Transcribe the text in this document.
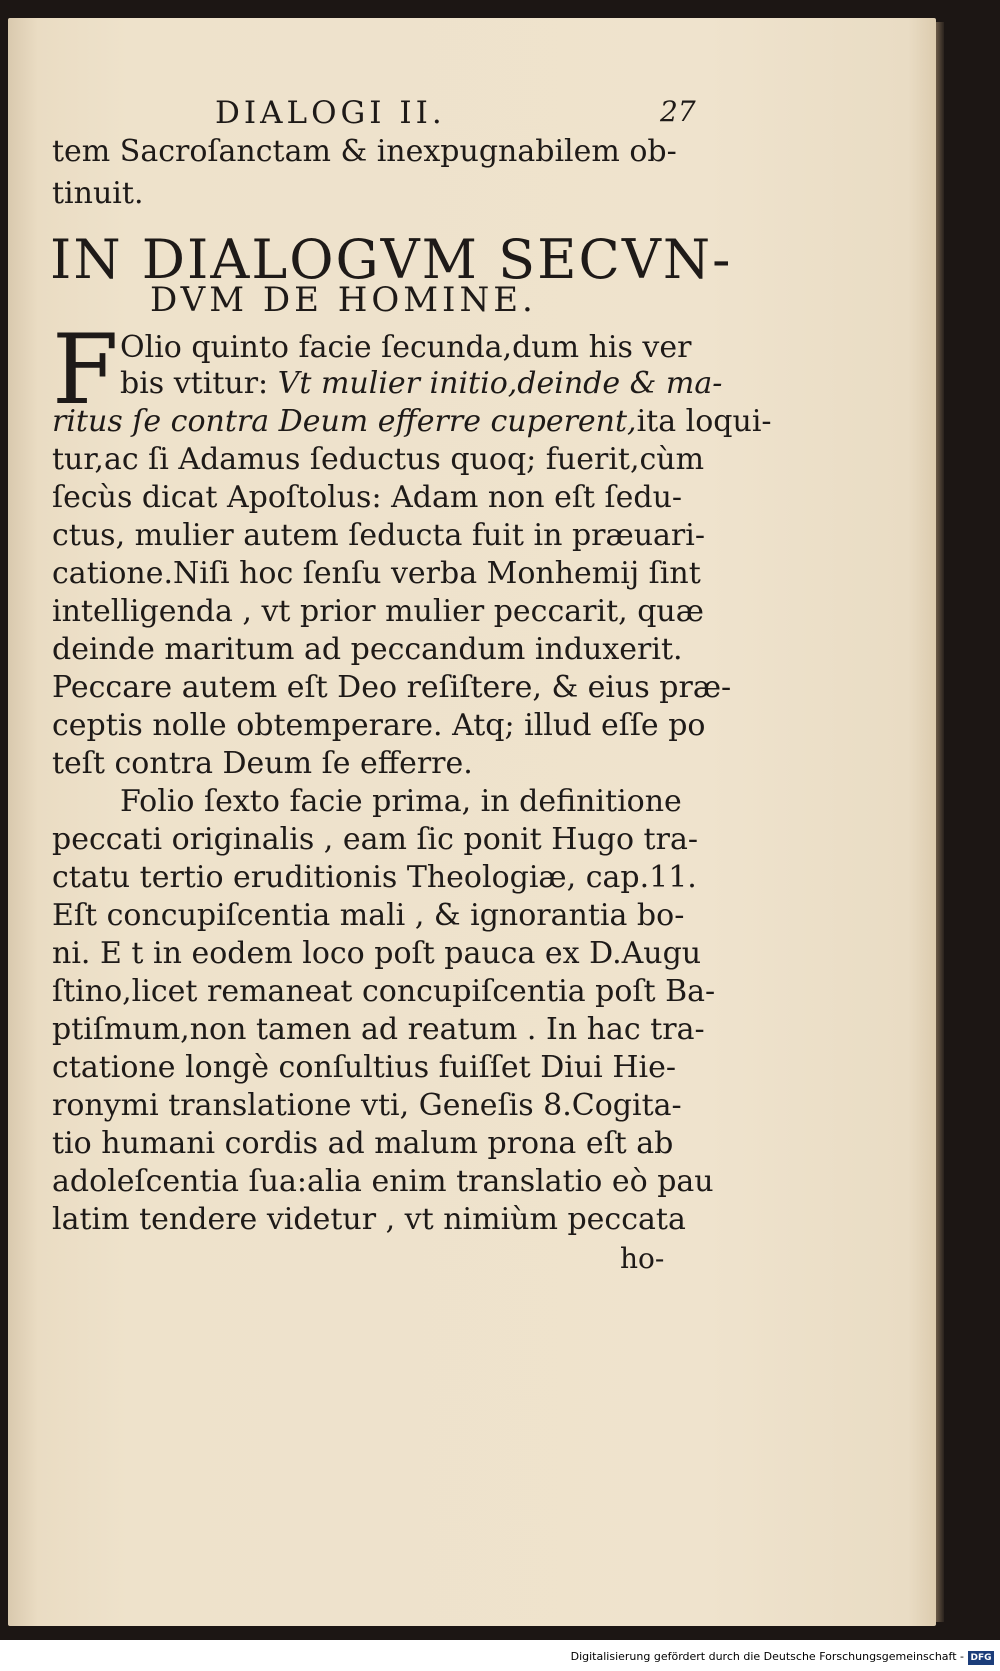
DIALOGI II.	27
tem Sacroſanctam & inexpugnabilem ob-
tinuit.
IN DIALOGVM SECVN-
DVM DE HOMINE.
F Olio quinto facie ſecunda,dum his ver
bis vtitur: Vt mulier initio,deinde & ma-
ritus ſe contra Deum efferre cuperent,ita loqui-
tur,ac ſi Adamus ſeductus quoq; fuerit,cùm
ſecùs dicat Apoſtolus: Adam non eſt ſedu-
ctus, mulier autem ſeducta fuit in præuari-
catione.Niſi hoc ſenſu verba Monhemij ſint
intelligenda , vt prior mulier peccarit, quæ
deinde maritum ad peccandum induxerit.
Peccare autem eſt Deo reſiſtere, & eius præ-
ceptis nolle obtemperare. Atq; illud eſſe po
teſt contra Deum ſe efferre.
Folio ſexto facie prima, in definitione
peccati originalis , eam ſic ponit Hugo tra-
ctatu tertio eruditionis Theologiæ, cap.11.
Eſt concupiſcentia mali , & ignorantia bo-
ni. E t in eodem loco poſt pauca ex D.Augu
ſtino,licet remaneat concupiſcentia poſt Ba-
ptiſmum,non tamen ad reatum . In hac tra-
ctatione longè conſultius fuiſſet Diui Hie-
ronymi translatione vti, Geneſis 8.Cogita-
tio humani cordis ad malum prona eſt ab
adoleſcentia ſua:alia enim translatio eò pau
latim tendere videtur , vt nimiùm peccata
ho-
Digitalisierung gefördert durch die Deutsche Forschungsgemeinschaft - DFG
